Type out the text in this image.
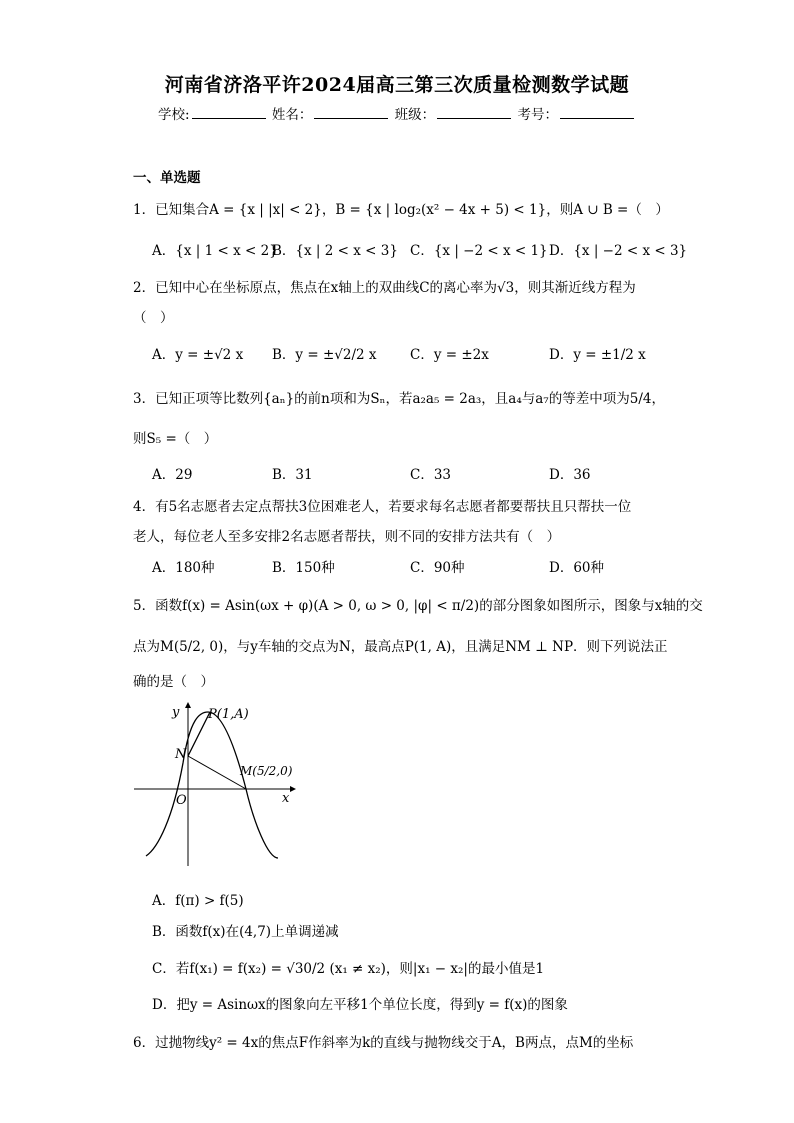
河南省济洛平许2024届高三第三次质量检测数学试题
学校:	姓名：	班级：	考号：
一、单选题
1．已知集合A = {x | |x| < 2}，B = {x | log₂(x² − 4x + 5) < 1}，则A ∪ B =（　）
A．{x | 1 < x < 2}
B．{x | 2 < x < 3} C．{x | −2 < x < 1} D．{x | −2 < x < 3}
2．已知中心在坐标原点，焦点在x轴上的双曲线C的离心率为√3，则其渐近线方程为
（　）
A．y = ±√2 x B．y = ±√2/2 x C．y = ±2x	D．y = ±1/2 x
3．已知正项等比数列{aₙ}的前n项和为Sₙ，若a₂a₅ = 2a₃，且a₄与a₇的等差中项为5/4，
则S₅ =（　）
A．29	B．31	C．33	D．36
4．有5名志愿者去定点帮扶3位困难老人，若要求每名志愿者都要帮扶且只帮扶一位
老人，每位老人至多安排2名志愿者帮扶，则不同的安排方法共有（　）
A．180种	B．150种	C．90种	D．60种
5．函数f(x) = Asin(ωx + φ)(A > 0, ω > 0, |φ| < π/2)的部分图象如图所示，图象与x轴的交
点为M(5/2, 0)，与y车轴的交点为N，最高点P(1, A)，且满足NM ⊥ NP．则下列说法正
确的是（　）
y P(1,A)
N
M(5/2,0)
O	x
A．f(π) > f(5)
B．函数f(x)在(4,7)上单调递减
C．若f(x₁) = f(x₂) = √30/2 (x₁ ≠ x₂)，则|x₁ − x₂|的最小值是1
D．把y = Asinωx的图象向左平移1个单位长度，得到y = f(x)的图象
6．过抛物线y² = 4x的焦点F作斜率为k的直线与抛物线交于A，B两点，点M的坐标
